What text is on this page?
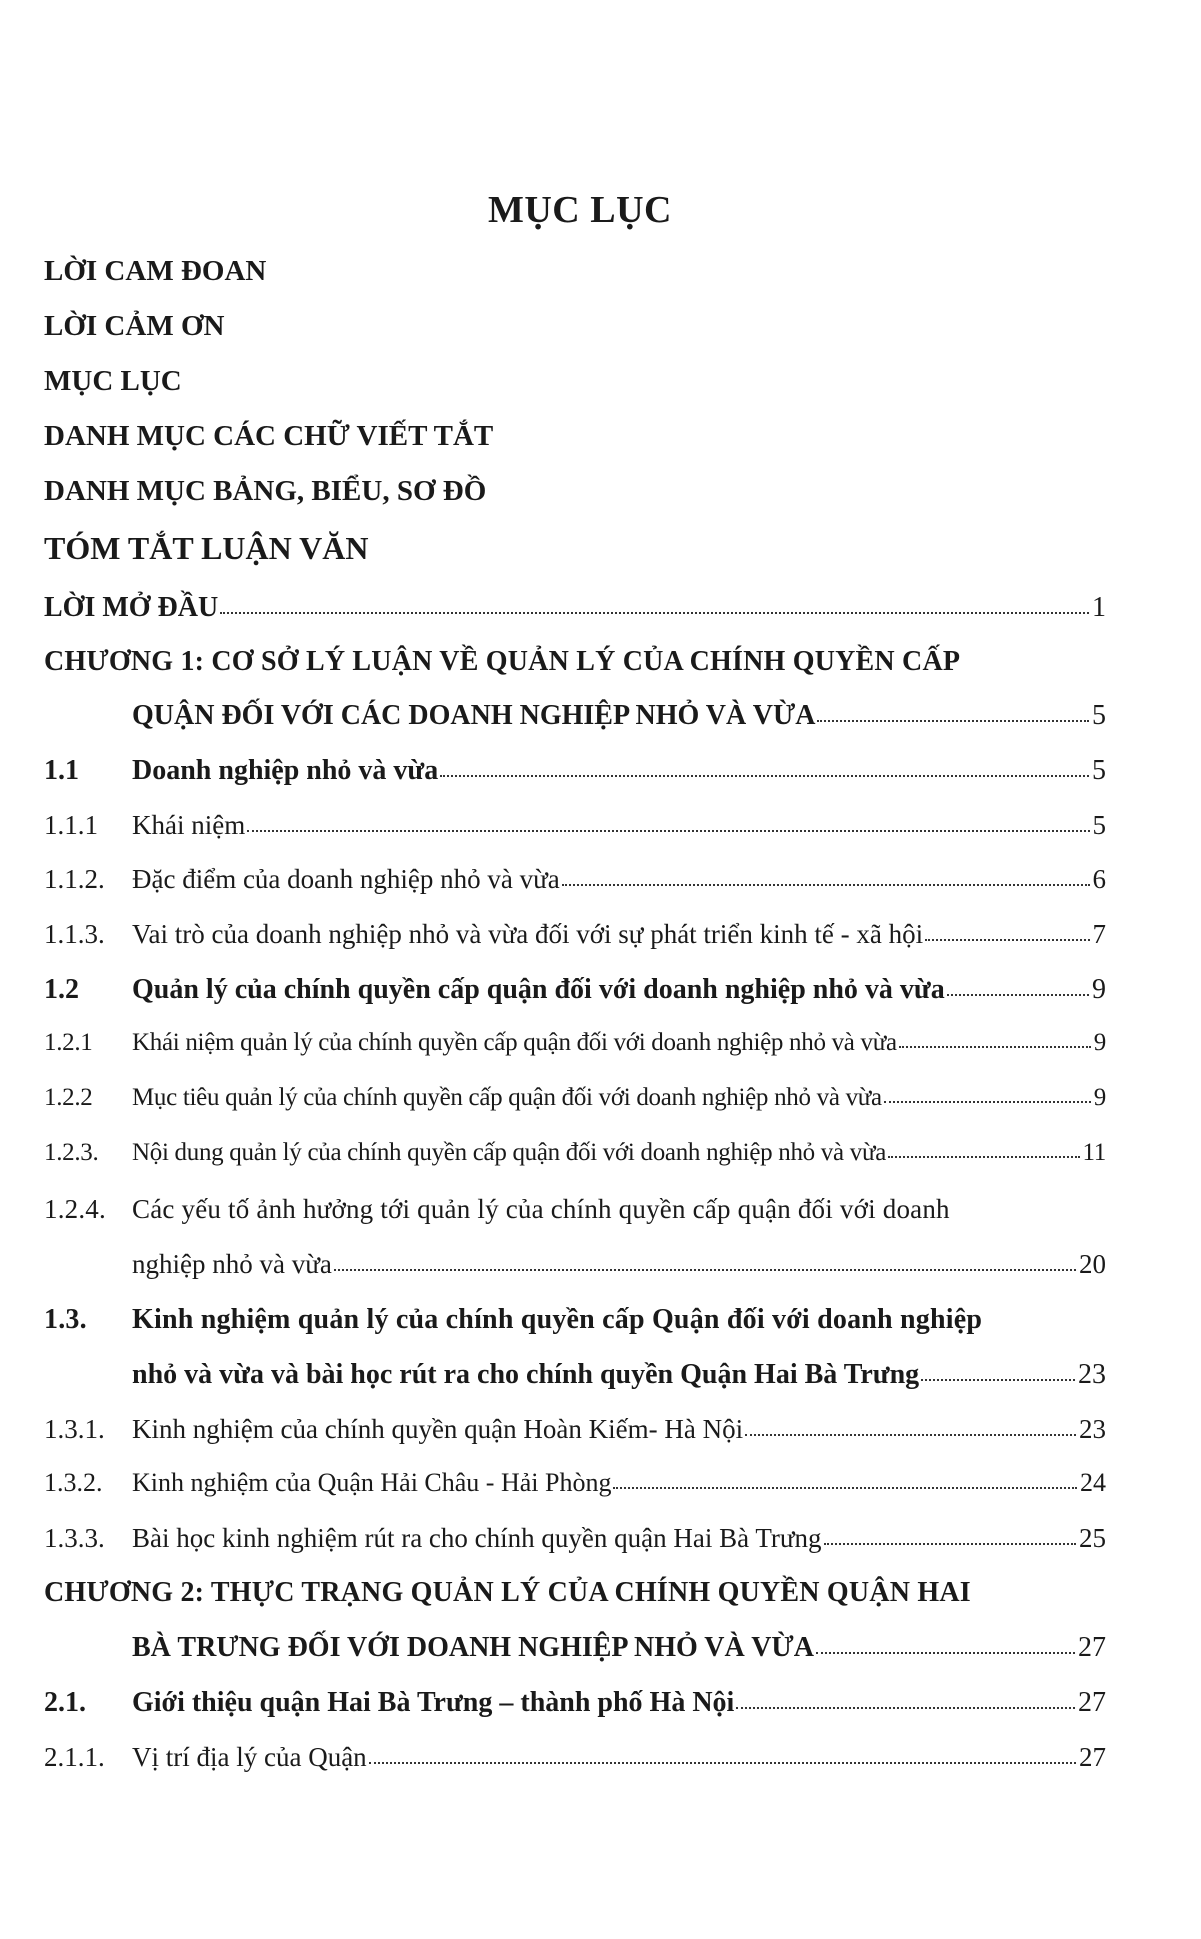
MỤC LỤC
LỜI CAM ĐOAN
LỜI CẢM ƠN
MỤC LỤC
DANH MỤC CÁC CHỮ VIẾT TẮT
DANH MỤC BẢNG, BIỂU, SƠ ĐỒ
TÓM TẮT LUẬN VĂN
LỜI MỞ ĐẦU	1
CHƯƠNG 1: CƠ SỞ LÝ LUẬN VỀ QUẢN LÝ CỦA CHÍNH QUYỀN CẤP
QUẬN ĐỐI VỚI CÁC DOANH NGHIỆP NHỎ VÀ VỪA	5
1.1	Doanh nghiệp nhỏ và vừa	5
1.1.1	Khái niệm	5
1.1.2.	Đặc điểm của doanh nghiệp nhỏ và vừa	6
1.1.3.	Vai trò của doanh nghiệp nhỏ và vừa đối với sự phát triển kinh tế - xã hội	7
1.2	Quản lý của chính quyền cấp quận đối với doanh nghiệp nhỏ và vừa	9
1.2.1	Khái niệm quản lý của chính quyền cấp quận đối với doanh nghiệp nhỏ và vừa	9
1.2.2	Mục tiêu quản lý của chính quyền cấp quận đối với doanh nghiệp nhỏ và vừa	9
1.2.3.	Nội dung quản lý của chính quyền cấp quận đối với doanh nghiệp nhỏ và vừa	11
1.2.4. Các yếu tố ảnh hưởng tới quản lý của chính quyền cấp quận đối với doanh
nghiệp nhỏ và vừa	20
1.3. Kinh nghiệm quản lý của chính quyền cấp Quận đối với doanh nghiệp
nhỏ và vừa và bài học rút ra cho chính quyền Quận Hai Bà Trưng	23
1.3.1.	Kinh nghiệm của chính quyền quận Hoàn Kiếm- Hà Nội	23
1.3.2.	Kinh nghiệm của Quận Hải Châu - Hải Phòng	24
1.3.3.	Bài học kinh nghiệm rút ra cho chính quyền quận Hai Bà Trưng	25
CHƯƠNG 2: THỰC TRẠNG QUẢN LÝ CỦA CHÍNH QUYỀN QUẬN HAI
BÀ TRƯNG ĐỐI VỚI DOANH NGHIỆP NHỎ VÀ VỪA	27
2.1.	Giới thiệu quận Hai Bà Trưng – thành phố Hà Nội	27
2.1.1.	Vị trí địa lý của Quận	27
